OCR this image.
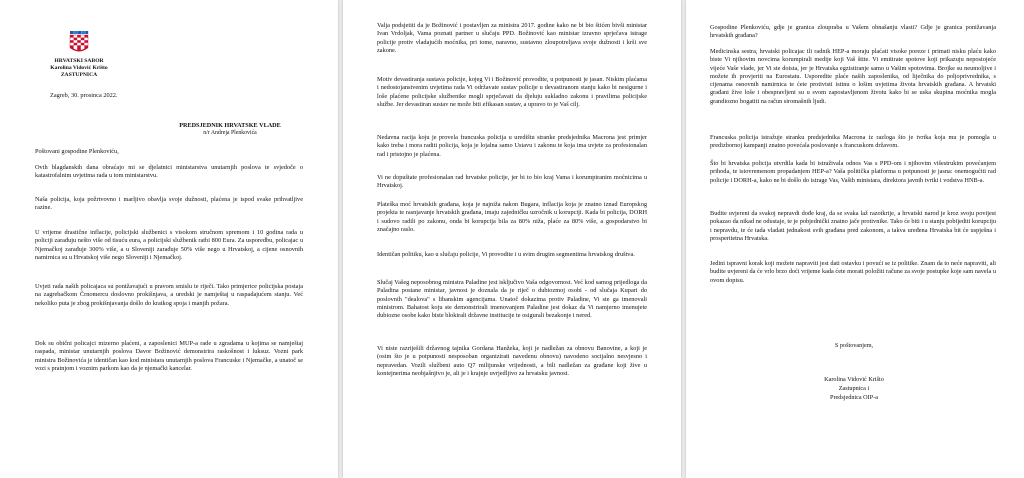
HRVATSKI SABOR

Karolina Vidović Krišto

ZASTUPNICA

Zagreb, 30. prosinca 2022.

PREDSJEDNIK HRVATSKE VLADE

n/r Andreja Plenkovića

Poštovani gospodine Plenkoviću,

Ovih blagdanskih dana obraćajo mi se djelatnici ministarstva unutarnjih poslova te svjedoče o katastrofalnim uvjetima rada u tom ministarstvu.

Naša policija, koja požrtvovno i marljivo obavlja svoje dužnosti, plaćena je ispod svake prihvatljive razine.

U vrijeme drastične inflacije, policijski službenici s visokom stručnom spremom i 10 godina rada u policiji zarađuju nešto više od tisuću eura, a policijski službenik ratbi 800 Eura. Za usporedbu, policajac u Njemačkoj zarađuje 300% više, a u Sloveniji zarađuje 50% više nego u Hrvatskoj, a cijene osnovnih namirnica su u Hrvatskoj više nego Sloveniji i Njemačkoj.

Uvjeti rada naših policajaca su ponižavajući u pravom smislu te riječi. Tako primjerice policijska postaja na zagrebačkom Črnomercu doslovno prokišnjava, a uredski je namještaj u raspadajućem stanju. Već nekoliko puta je zbog prokišnjavanja došlo do kratkog spoja i manjih požara.

Dok su obični policajci mizerno plaćeni, a zaposlenici MUP-a rade u zgradama u kojima se namještaj raspada, ministar unutarnjih poslova Davor Božinović demonstrira raskošnost i luksuz. Vozni park ministra Božinovića je identičan kao kod ministara unutarnjih poslova Francuske i Njemačke, a unatoč se vozi s pratnjom i voznim parkom kao da je njemački kancelar.

Valja podsjetiti da je Božinović i postavljen za ministra 2017. godine kako ne bi bio štićen bivši ministar Ivan Vrdoljak, Vama poznati partner u slučaju PPD. Božinović kao ministar izravno sprječava istrage policije protiv vladajućih moćnika, pri tome, naravno, sustavno zloupotreljava svoje dužnosti i krši sve zakone.

Motiv devastiranja sustava policije, kojeg Vi i Božinović provodite, u potpunosti je jasan. Niskim plaćama i nedostojanstvenim uvjetima rada Vi održavate sustav policije u devastiranom stanju kako bi nesigurne i loše plaćene policijske službenike mogli sprječavati da djeluju sukladno zakonu i pravilima policijske službe. Jer devastiran sustav ne može biti efikasan sustav, a upravo to je Vaš cilj.

Nedavna racija koju je provela francuska policija u uredištu stranke predsjednika Macrona jest primjer kako treba i mora raditi policija, koja je lojalna samo Ustavu i zakonu te koja ima uvjete za profesionalan rad i pristojno je plaćena.

Vi ne dopuštate profesionalan rad hrvatske policije, jer bi to bio kraj Vama i korumpiranim moćnicima u Hrvatskoj.

Plateška moć hrvatskih građana, koja je najniža nakon Bugara, inflacija koja je znatno iznad Europskog projekta te rasnjavanje hrvatskih građana, imaju zajedničku uzročnik u korupciji. Kada bi policija, DORH i sudovo radili po zakonu, onda bi korupcija bila za 80% niža, plaće za 80% više, a gospodarstvo bi značajno raslo.

Identičan politiku, kao u slučaju policije, Vi provodite i u svim drugim segmentima hrvatskog društva.

Slučaj Vašeg neposobnog ministra Paladine jest isključivo Vaša odgovornost. Već kod samog prijedloga da Paladina postane ministar, javnost je doznala da je riječ o dubiozmoj osobi - od slučaja Kupari do poslovnih "dealova" s libanskim agencijama. Unatoč dokazima protiv Paladine, Vi ste ga imenovali ministrom. Bahatost koju ste demonstrirali imenovanjem Paladine jest dokaz da Vi namjerno imenujete dubiozne osobe kako biste blokirali državne institucije te osigurali bezakonje i nered.

Vi niste razriješili državnog tajnika Gordana Hanžeka, koji je nadležan za obnovu Banovine, a koji je (osim što je u potpunosti nesposoban organizirati navedenu obnovu) navodeno socijalno nesvjesno i nepravedan. Vozili službeni auto Q7 milijunske vrijednosti, a bili nadležan za građane koji žive u kontejnerima neobjašnjivo je, ali je i krajnje uvrjedljivo za hrvatsku javnost.

Gospodine Plenkoviću, gdje je granica zloupraba u Vašem obnašanju vlasti? Gdje je granica ponižavanja hrvatskih građana?

Medicinska sestra, hrvatski policajac ili radnik HEP-a moraju plaćati visoke poreze i primati nisku plaću kako biste Vi njihovim novcima korumpirali medije koji Vaš štite. Vi emitirate spotove koji prikazuju nepostojeće vijeće Vaše vlade, jer Vi ste doista, jer je Hrvatska egzistiranje samo u Vašim spotovima. Brojke su neumoljive i možete ih provjeriti na Eurostatu. Usporedite plaće naših zaposlenika, od liječnika do poljoprivrednika, s cijenama osnovnih namirnica te ćete protivisti istinu o lošim uvjetima života hrvatskih građana. A hrvatski građani žive loše i obespravljeni su u svom zapostavljenom životu kako bi se uska skupina moćnika mogla grandiozno bogatiti na račun siromašnih ljudi.

Francuska policija istražuje stranku predsjednika Macrona iz razloga što je tvrtka koja mu je pomogla u predizbornoj kampanji znatno povećala poslovanje s francuskom državom.

Što bi hrvatska policija utvrdila kada bi istraživala odnos Vas s PPD-om i njihovim višestrukim povećanjem prihoda, te istovremenom propadanjem HEP-a? Vaša politička platforma u potpunosti je jasna: onemogućiti rad policije i DORH-a, kako ne bi došlo do istrage Vas, Vaših ministara, direktora javnih tvrtki i vodstva HNB-a.

Budite uvjereni da svakoj nepravdi dođe kraj, da se svaka laž razotkrije, a hrvatski narod je kroz svoju povijest pokazao da nikad ne odustaje, te je pobjednički znatno jače protivnike. Tako će biti i u stanju pobijediti korupciju i nepravdu, te će tada vladati jednakost svih građana pred zakonom, a takva uređena Hrvatska bit će uspješna i prosperitetna Hrvatska.

Jedini ispravni korak koji možete napraviti jest dati ostavku i povući se iz politike. Znam da to neće napraviti, ali budite uvjereni da će vrlo brzo doći vrijeme kada ćete morati položiti račune za svoje postupke koje sam navela u ovom dopisu.

S poštovanjem,

Karolina Vidović Krišto

Zastupnica i

Predsjednica OIP-a
